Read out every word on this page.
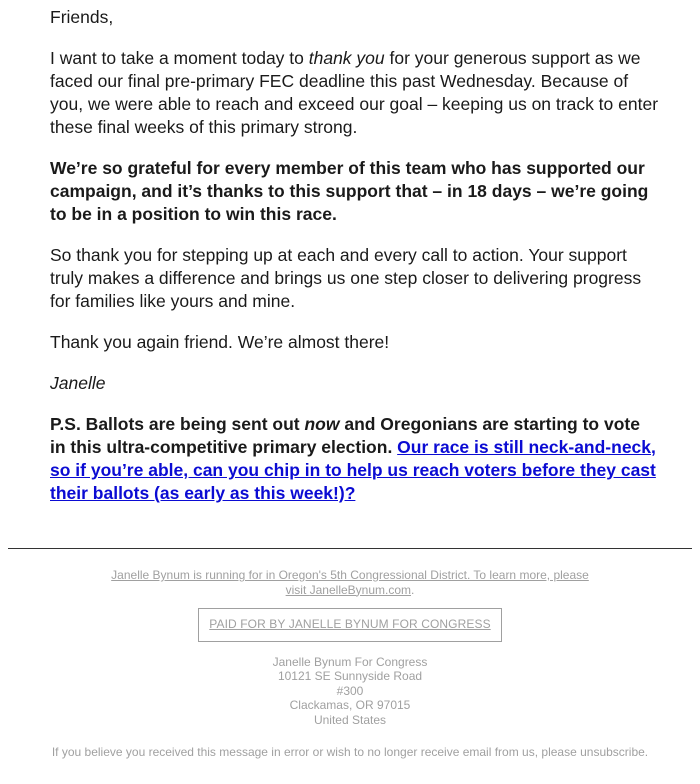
Friends,

I want to take a moment today to thank you for your generous support as we faced our final pre-primary FEC deadline this past Wednesday. Because of you, we were able to reach and exceed our goal – keeping us on track to enter these final weeks of this primary strong.

We’re so grateful for every member of this team who has supported our campaign, and it’s thanks to this support that – in 18 days – we’re going to be in a position to win this race.

So thank you for stepping up at each and every call to action. Your support truly makes a difference and brings us one step closer to delivering progress for families like yours and mine.

Thank you again friend. We’re almost there!

Janelle

P.S. Ballots are being sent out now and Oregonians are starting to vote in this ultra-competitive primary election. Our race is still neck-and-neck, so if you’re able, can you chip in to help us reach voters before they cast their ballots (as early as this week!)?

Janelle Bynum is running for in Oregon's 5th Congressional District. To learn more, please visit JanelleBynum.com.
PAID FOR BY JANELLE BYNUM FOR CONGRESS
Janelle Bynum For Congress
10121 SE Sunnyside Road
#300
Clackamas, OR 97015
United States
If you believe you received this message in error or wish to no longer receive email from us, please unsubscribe.
